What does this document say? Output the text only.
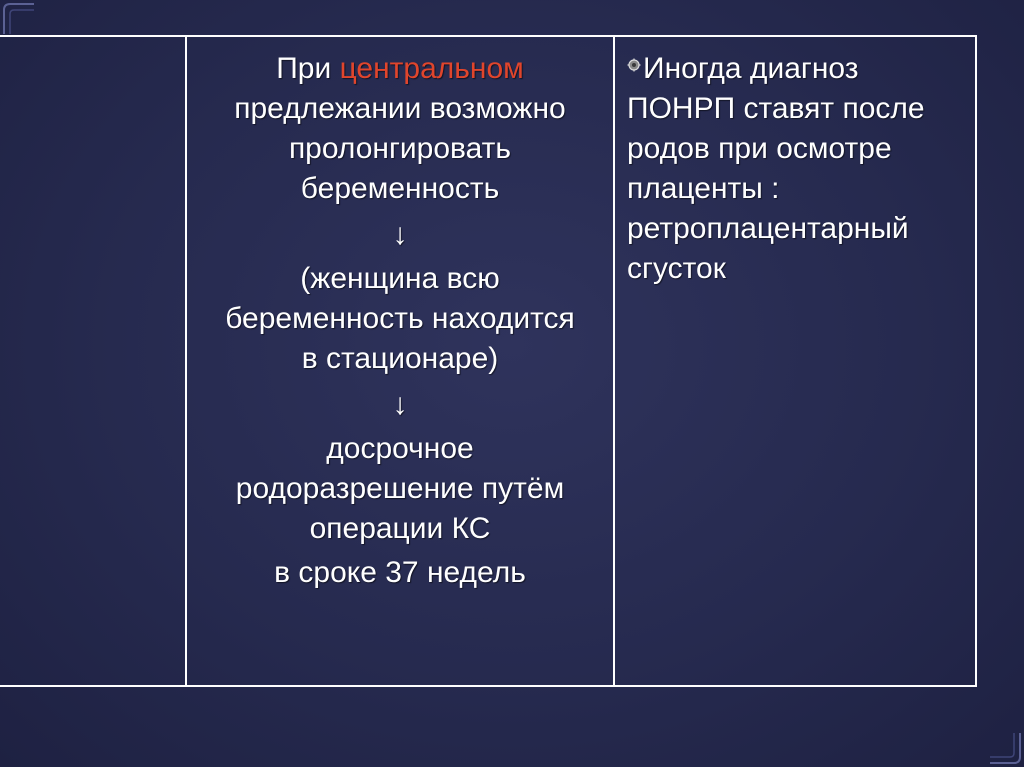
При центральном
предлежании возможно
пролонгировать
беременность
↓
(женщина всю
беременность находится
в стационаре)
↓
досрочное
родоразрешение путём
операции КС
в сроке 37 недель
Иногда диагноз
ПОНРП ставят после
родов при осмотре
плаценты :
ретроплацентарный
сгусток
